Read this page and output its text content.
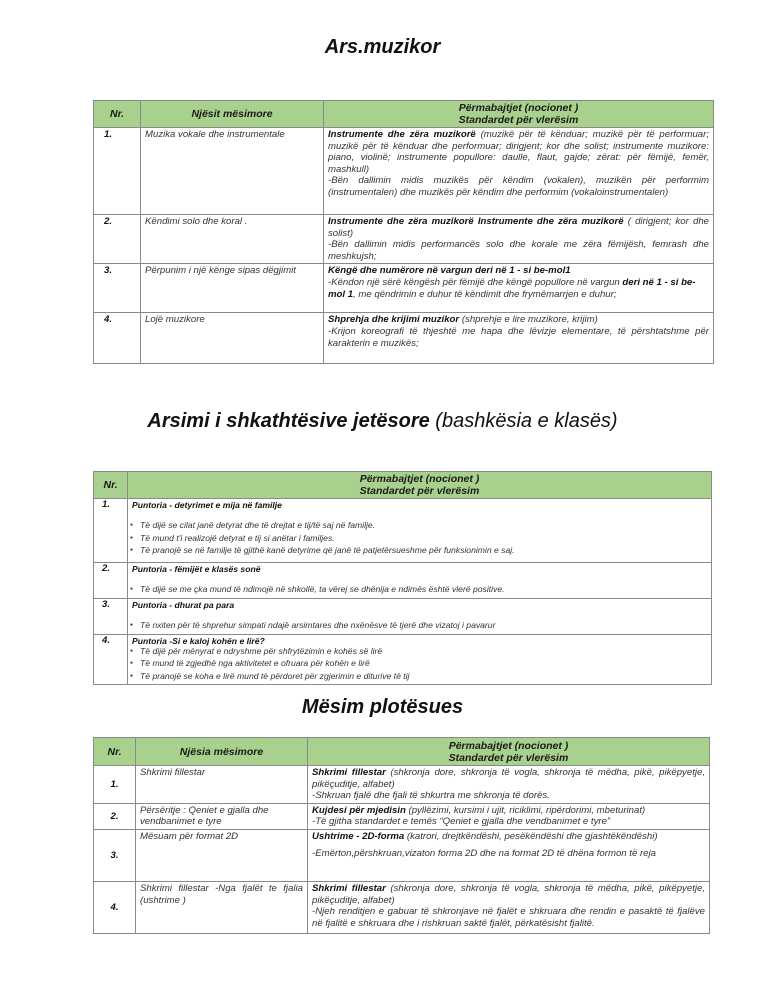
Ars.muzikor
Nr.	Njësit mësimore	Përmabajtjet (nocionet )
Standardet për vlerësim
1.	Muzika vokale dhe instrumentale	Instrumente dhe zëra muzikorë (muzikë për të kënduar; muzikë për të performuar; muzikë për të kënduar dhe performuar; dirigjent; kor dhe solist; instrumente muzikore: piano, violinë; instrumente popullore: daulle, flaut, gajde; zërat: për fëmijë, femër, mashkull)
-Bën dallimin midis muzikës për këndim (vokalen), muzikën për performim (instrumentalen) dhe muzikës për këndim dhe performim (vokaloinstrumentalen)
2.	Këndimi solo dhe koral .	Instrumente dhe zëra muzikorë Instrumente dhe zëra muzikorë ( dirigjent; kor dhe solist)
-Bën dallimin midis performancës solo dhe korale me zëra fëmijësh, femrash dhe meshkujsh;
3.	Përpunim i një kënge sipas dëgjimit	Këngë dhe numërore në vargun deri në 1 - si be-mol1
-Këndon një sërë këngësh për fëmijë dhe këngë popullore në vargun deri në 1 - si be-mol 1, me qëndrimin e duhur të këndimit dhe frymëmarrjen e duhur;
4.	Lojë muzikore	Shprehja dhe krijimi muzikor (shprehje e lire muzikore, krijim)
-Krijon koreografi të thjeshtë me hapa dhe lëvizje elementare, të përshtatshme për karakterin e muzikës;
Arsimi i shkathtësive jetësore (bashkësia e klasës)
Nr.	Përmabajtjet (nocionet )
Standardet për vlerësim
1.	Puntoria - detyrimet e mija në familje
● Të dijë se cilat janë detyrat dhe të drejtat e tij/të saj në familje.
● Të mund t'i realizojë detyrat e tij si anëtar i familjes.
● Të pranojë se në familje të gjithë kanë detyrime që janë të patjetërsueshme për funksionimin e saj.

2.	Puntoria - fëmijët e klasës sonë
● Të dijë se me çka mund të ndimojë në shkollë, ta vërej se dhënija e ndimës është vlerë positive.

3.	Puntoria - dhurat pa para
● Të nxiten për të shprehur simpati ndajë arsimtares dhe nxënësve të tjerë dhe vizatoj i pavarur

4.	Puntoria -Si e kaloj kohën e lirë?
● Të dijë për mënyrat e ndryshme për shfrytëzimin e kohës së lirë
● Të mund të zgjedhë nga aktivitetet e ofruara për kohën e lirë
● Të pranojë se koha e lirë mund të përdoret për zgjerimin e diturive të tij
Mësim plotësues
Nr.	Njësia mësimore	Përmabajtjet (nocionet )
Standardet për vlerësim
1.	Shkrimi fillestar	Shkrimi fillestar (shkronja dore, shkronja të vogla, shkronja të mëdha, pikë, pikëpyetje, pikëçuditje, alfabet)
-Shkruan fjalë dhe fjali të shkurtra me shkronja të dorës.
2.	Përsëritje : Qeniet e gjalla dhe vendbanimet e tyre	Kujdesi për mjedisin (pyllëzimi, kursimi i ujit, riciklimi, ripërdorimi, mbeturinat)
-Të gjitha standardet e temës “Qeniet e gjalla dhe vendbanimet e tyre”
3.	Mësuam për format 2D	Ushtrime - 2D-forma (katrori, drejtkëndëshi, pesëkëndëshi dhe gjashtëkëndëshi)
-Emërton,përshkruan,vizaton forma 2D dhe na format 2D të dhëna formon të reja
4.	Shkrimi fillestar -Nga fjalët te fjalia (ushtrime )	Shkrimi fillestar (shkronja dore, shkronja të vogla, shkronja të mëdha, pikë, pikëpyetje, pikëçuditje, alfabet)
-Njeh renditjen e gabuar të shkronjave në fjalët e shkruara dhe rendin e pasaktë të fjalëve në fjalitë e shkruara dhe i rishkruan saktë fjalët, përkatësisht fjalitë.
